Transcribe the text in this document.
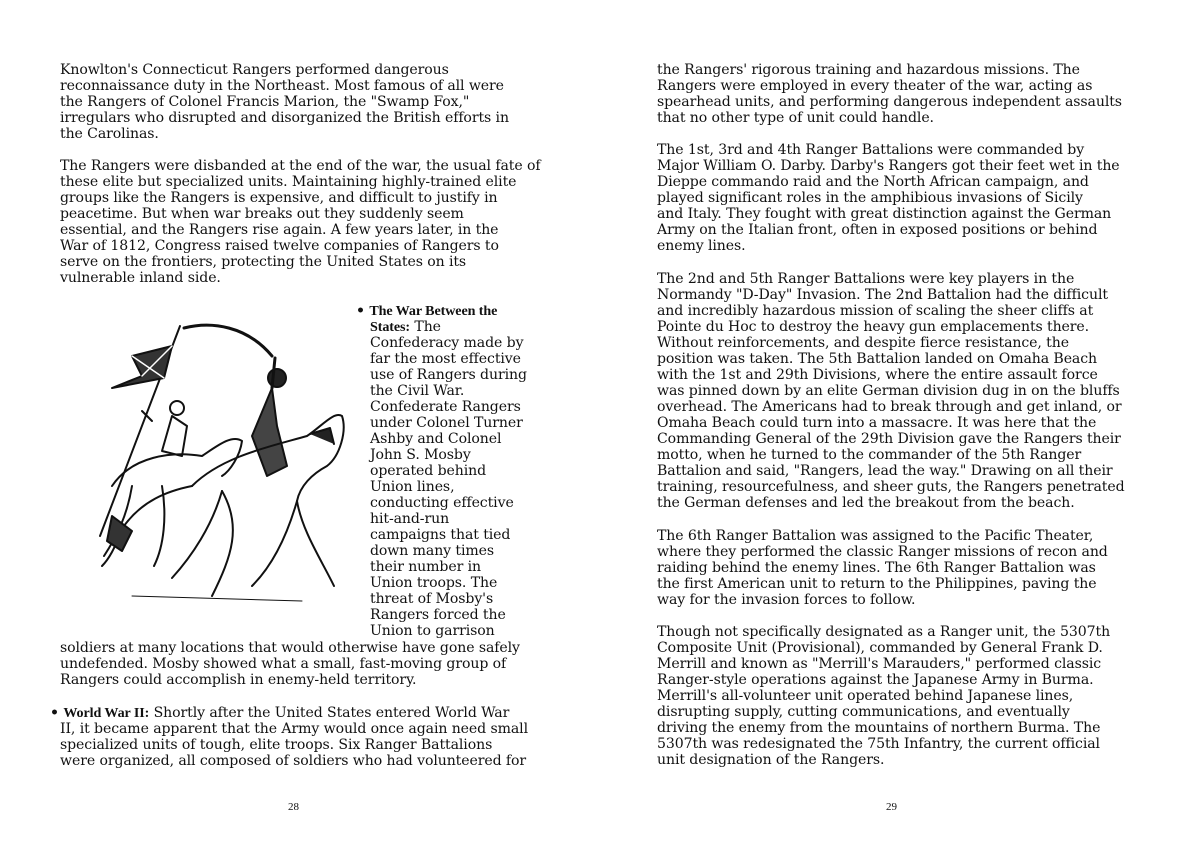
Knowlton's Connecticut Rangers performed dangerous
reconnaissance duty in the Northeast. Most famous of all were
the Rangers of Colonel Francis Marion, the "Swamp Fox,"
irregulars who disrupted and disorganized the British efforts in
the Carolinas.

The Rangers were disbanded at the end of the war, the usual fate of
these elite but specialized units. Maintaining highly-trained elite
groups like the Rangers is expensive, and difficult to justify in
peacetime. But when war breaks out they suddenly seem
essential, and the Rangers rise again. A few years later, in the
War of 1812, Congress raised twelve companies of Rangers to
serve on the frontiers, protecting the United States on its
vulnerable inland side.

• The War Between the
States: The

Confederacy made by
far the most effective
use of Rangers during
the Civil War.
Confederate Rangers
under Colonel Turner
Ashby and Colonel
John S. Mosby
operated behind
Union lines,
conducting effective
hit-and-run
campaigns that tied
down many times
their number in
Union troops. The
threat of Mosby's
Rangers forced the
Union to garrison

soldiers at many locations that would otherwise have gone safely
undefended. Mosby showed what a small, fast-moving group of
Rangers could accomplish in enemy-held territory.

• World War II: Shortly after the United States entered World War

II, it became apparent that the Army would once again need small
specialized units of tough, elite troops. Six Ranger Battalions
were organized, all composed of soldiers who had volunteered for

28

the Rangers' rigorous training and hazardous missions. The
Rangers were employed in every theater of the war, acting as
spearhead units, and performing dangerous independent assaults
that no other type of unit could handle.

The 1st, 3rd and 4th Ranger Battalions were commanded by
Major William O. Darby. Darby's Rangers got their feet wet in the
Dieppe commando raid and the North African campaign, and
played significant roles in the amphibious invasions of Sicily
and Italy. They fought with great distinction against the German
Army on the Italian front, often in exposed positions or behind
enemy lines.

The 2nd and 5th Ranger Battalions were key players in the
Normandy "D-Day" Invasion. The 2nd Battalion had the difficult
and incredibly hazardous mission of scaling the sheer cliffs at
Pointe du Hoc to destroy the heavy gun emplacements there.
Without reinforcements, and despite fierce resistance, the
position was taken. The 5th Battalion landed on Omaha Beach
with the 1st and 29th Divisions, where the entire assault force
was pinned down by an elite German division dug in on the bluffs
overhead. The Americans had to break through and get inland, or
Omaha Beach could turn into a massacre. It was here that the
Commanding General of the 29th Division gave the Rangers their
motto, when he turned to the commander of the 5th Ranger
Battalion and said, "Rangers, lead the way." Drawing on all their
training, resourcefulness, and sheer guts, the Rangers penetrated
the German defenses and led the breakout from the beach.

The 6th Ranger Battalion was assigned to the Pacific Theater,
where they performed the classic Ranger missions of recon and
raiding behind the enemy lines. The 6th Ranger Battalion was
the first American unit to return to the Philippines, paving the
way for the invasion forces to follow.

Though not specifically designated as a Ranger unit, the 5307th
Composite Unit (Provisional), commanded by General Frank D.
Merrill and known as "Merrill's Marauders," performed classic
Ranger-style operations against the Japanese Army in Burma.
Merrill's all-volunteer unit operated behind Japanese lines,
disrupting supply, cutting communications, and eventually
driving the enemy from the mountains of northern Burma. The
5307th was redesignated the 75th Infantry, the current official
unit designation of the Rangers.

29
